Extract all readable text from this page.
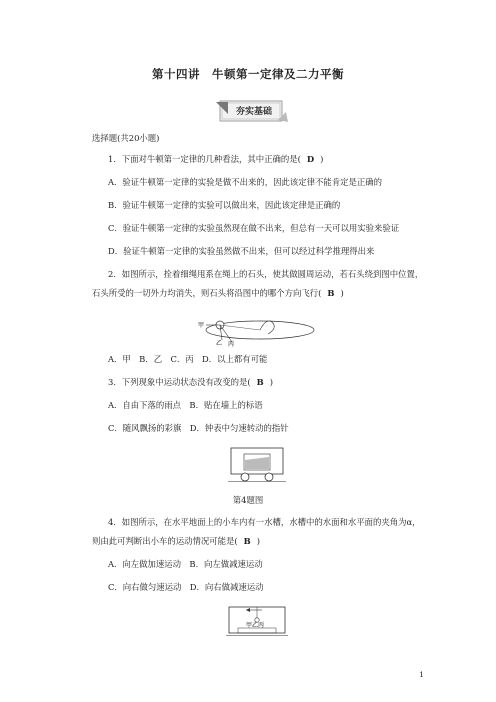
第十四讲　牛顿第一定律及二力平衡
夯实基础
选择题(共20小题)
1．下面对牛顿第一定律的几种看法，其中正确的是( D )
A．验证牛顿第一定律的实验是做不出来的，因此该定律不能肯定是正确的
B．验证牛顿第一定律的实验可以做出来，因此该定律是正确的
C．验证牛顿第一定律的实验虽然现在做不出来，但总有一天可以用实验来验证
D．验证牛顿第一定律的实验虽然做不出来，但可以经过科学推理得出来
2．如图所示，拴着细绳甩系在绳上的石头，使其做圆周运动，若石头绕到图中位置，
石头所受的一切外力均消失，则石头将沿图中的哪个方向飞行( B )
甲
乙 丙
A．甲　B．乙　C．丙　D．以上都有可能
3．下列现象中运动状态没有改变的是( B )
A．自由下落的雨点　B．贴在墙上的标语
C．随风飘扬的彩旗　D．钟表中匀速转动的指针
第4题图
4．如图所示，在水平地面上的小车内有一水槽，水槽中的水面和水平面的夹角为α，
则由此可判断出小车的运动情况可能是( B )
A．向左做加速运动　B．向左做减速运动
C．向右做匀速运动　D．向右做减速运动
甲乙丙
1
